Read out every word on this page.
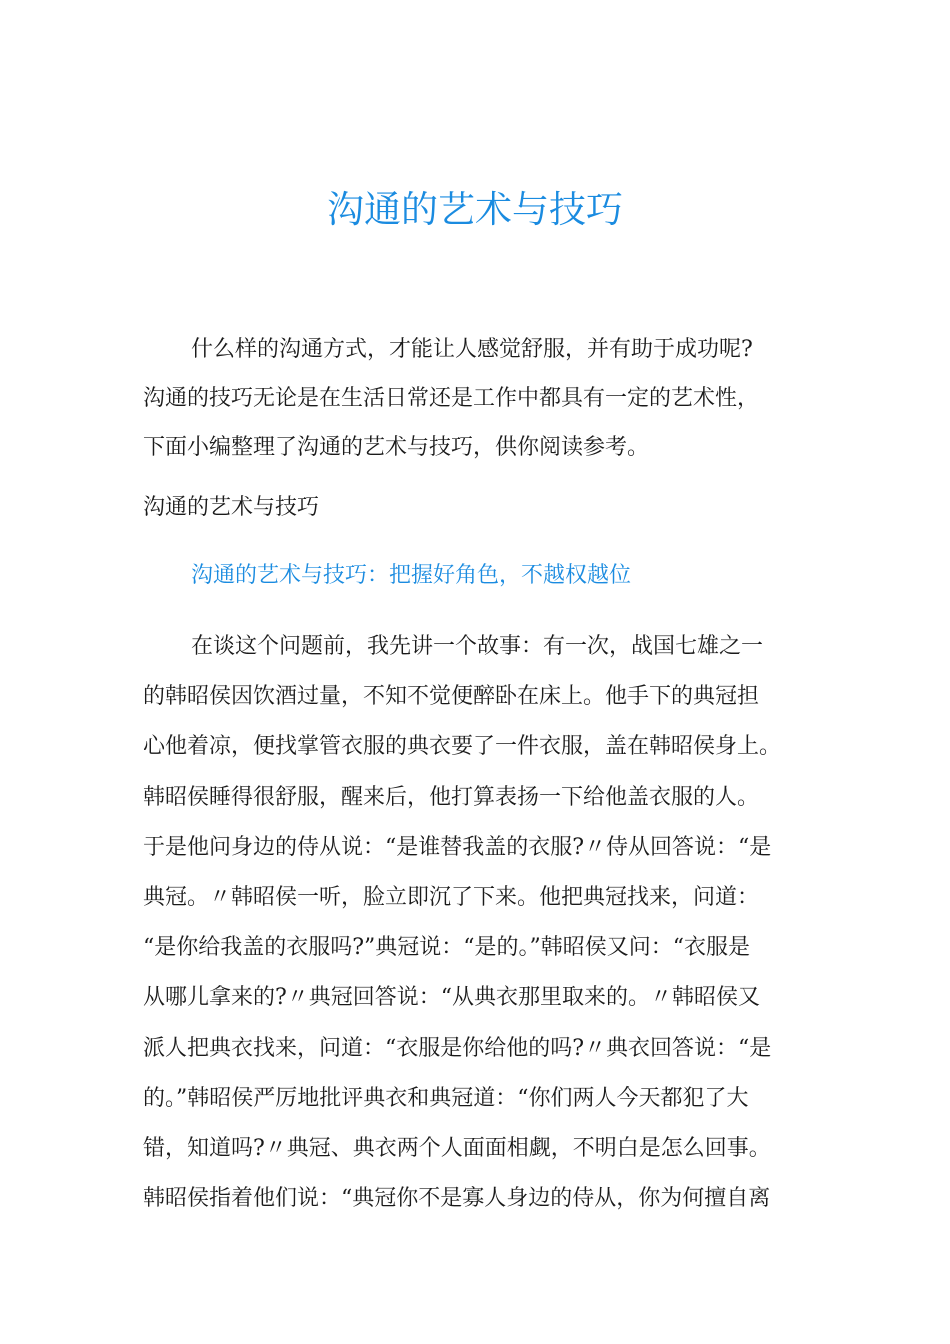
沟通的艺术与技巧
什么样的沟通方式，才能让人感觉舒服，并有助于成功呢?
沟通的技巧无论是在生活日常还是工作中都具有一定的艺术性，
下面小编整理了沟通的艺术与技巧，供你阅读参考。
沟通的艺术与技巧
沟通的艺术与技巧：把握好角色，不越权越位
在谈这个问题前，我先讲一个故事：有一次，战国七雄之一
的韩昭侯因饮酒过量，不知不觉便醉卧在床上。他手下的典冠担
心他着凉，便找掌管衣服的典衣要了一件衣服，盖在韩昭侯身上。
韩昭侯睡得很舒服，醒来后，他打算表扬一下给他盖衣服的人。
于是他问身边的侍从说：“是谁替我盖的衣服?〃侍从回答说：“是
典冠。〃韩昭侯一听，脸立即沉了下来。他把典冠找来，问道：
“是你给我盖的衣服吗?”典冠说：“是的。”韩昭侯又问：“衣服是
从哪儿拿来的?〃典冠回答说：“从典衣那里取来的。〃韩昭侯又
派人把典衣找来，问道：“衣服是你给他的吗?〃典衣回答说：“是
的。”韩昭侯严厉地批评典衣和典冠道：“你们两人今天都犯了大
错，知道吗?〃典冠、典衣两个人面面相觑，不明白是怎么回事。
韩昭侯指着他们说：“典冠你不是寡人身边的侍从，你为何擅自离
